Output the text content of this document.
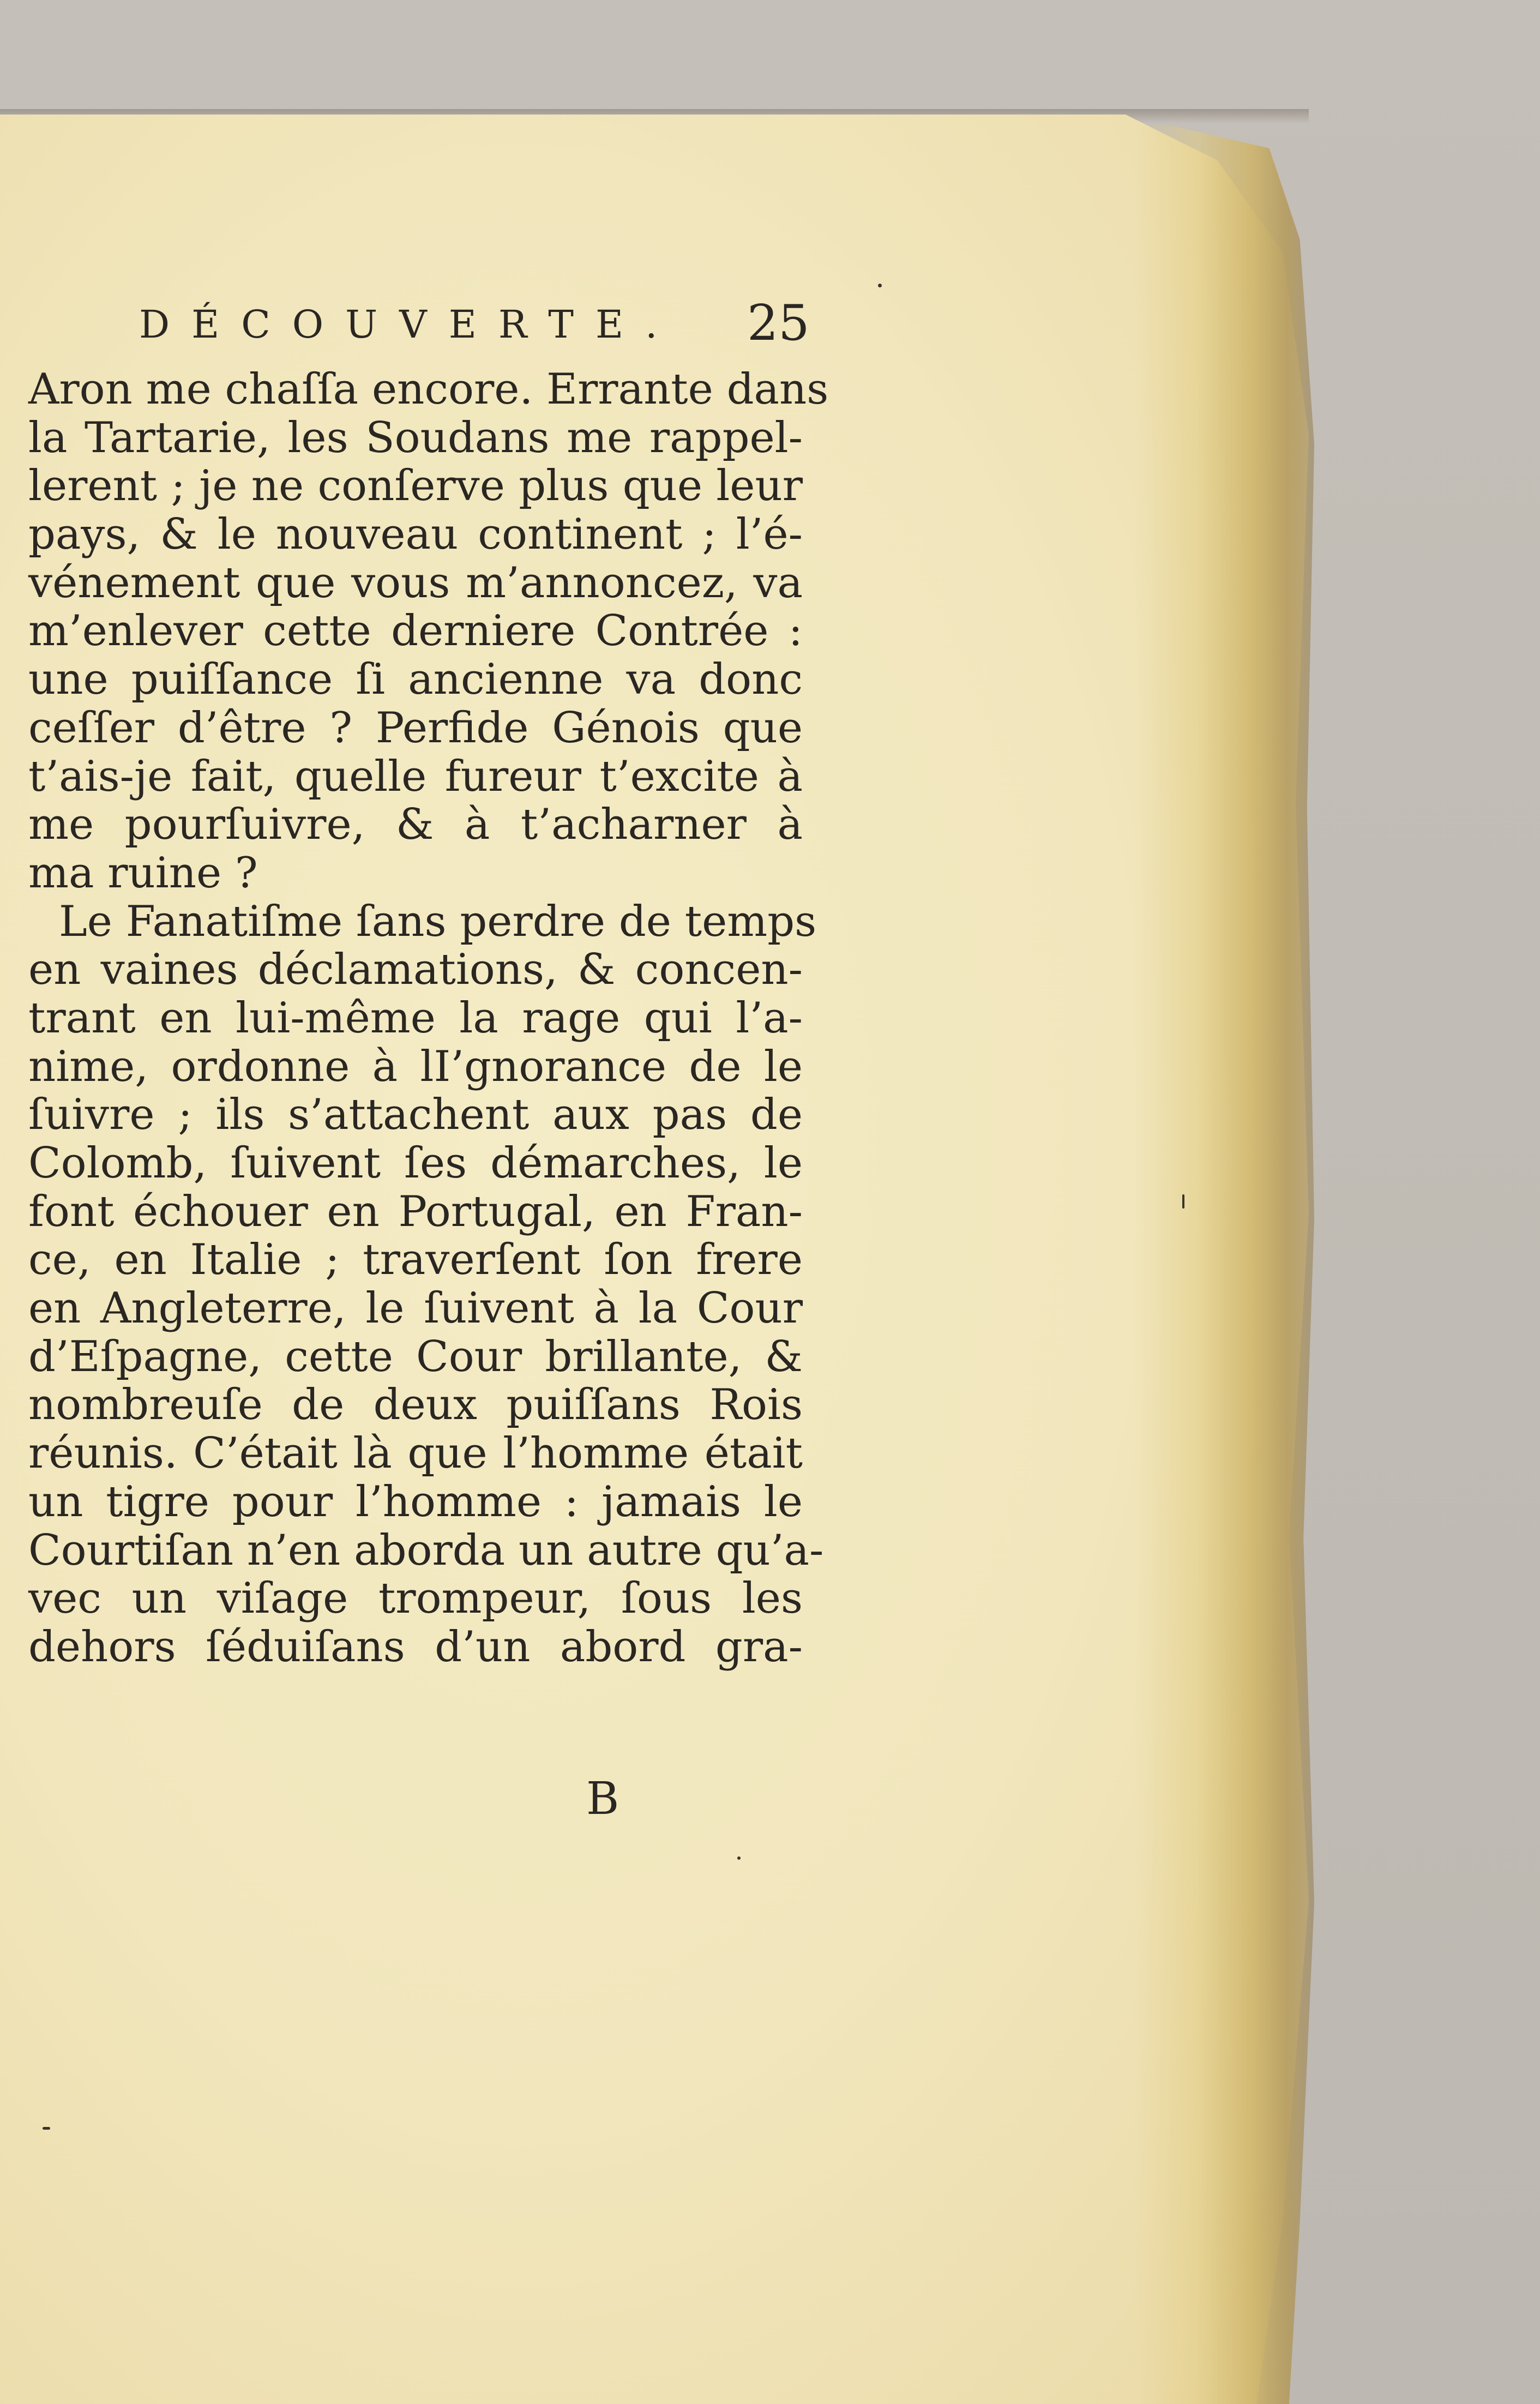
DÉCOUVERTE. 25
Aron me chaſſa encore. Errante dans
la Tartarie, les Soudans me rappel-
lerent ; je ne conſerve plus que leur
pays, & le nouveau continent ; l’é-
vénement que vous m’annoncez, va
m’enlever cette derniere Contrée :
une puiſſance ſi ancienne va donc
ceſſer d’être ? Perfide Génois que
t’ais-je fait, quelle fureur t’excite à
me pourſuivre, & à t’acharner à
ma ruine ?
Le Fanatiſme ſans perdre de temps
en vaines déclamations, & concen-
trant en lui-même la rage qui l’a-
nime, ordonne à lI’gnorance de le
ſuivre ; ils s’attachent aux pas de
Colomb, ſuivent ſes démarches, le
font échouer en Portugal, en Fran-
ce, en Italie ; traverſent ſon frere
en Angleterre, le ſuivent à la Cour
d’Eſpagne, cette Cour brillante, &
nombreuſe de deux puiſſans Rois
réunis. C’était là que l’homme était
un tigre pour l’homme : jamais le
Courtiſan n’en aborda un autre qu’a-
vec un viſage trompeur, ſous les
dehors ſéduiſans d’un abord gra-
B
